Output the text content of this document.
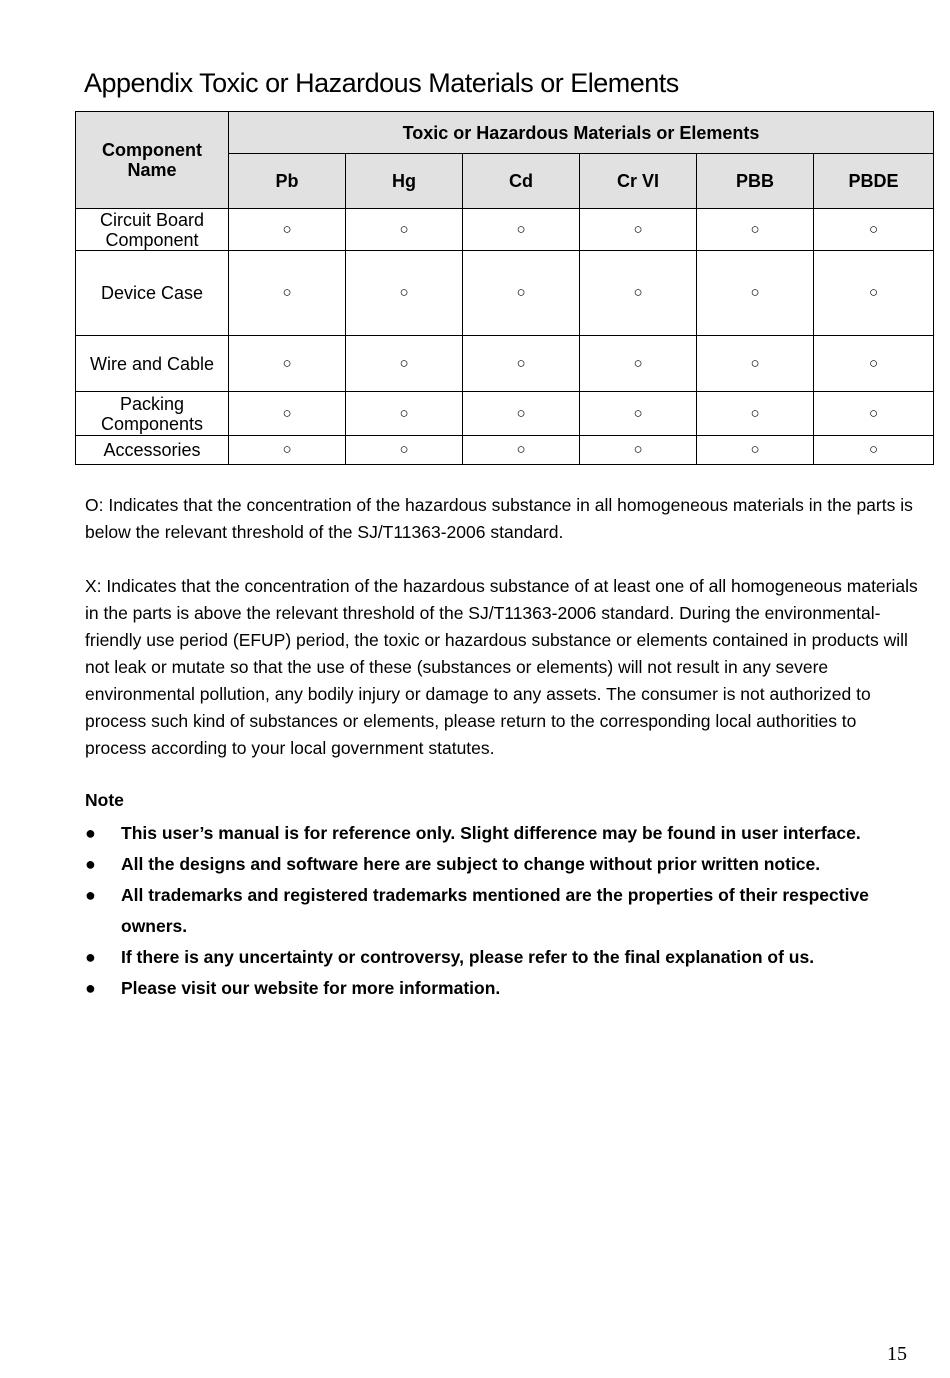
Appendix Toxic or Hazardous Materials or Elements
Component Name	Toxic or Hazardous Materials or Elements					
	Pb	Hg	Cd	Cr VI	PBB	PBDE
Circuit Board Component	○	○	○	○	○	○
Device Case	○	○	○	○	○	○
Wire and Cable	○	○	○	○	○	○
Packing Components	○	○	○	○	○	○
Accessories	○	○	○	○	○	○

O: Indicates that the concentration of the hazardous substance in all homogeneous materials in the parts is below the relevant threshold of the SJ/T11363-2006 standard.

X: Indicates that the concentration of the hazardous substance of at least one of all homogeneous materials in the parts is above the relevant threshold of the SJ/T11363-2006 standard. During the environmental-friendly use period (EFUP) period, the toxic or hazardous substance or elements contained in products will not leak or mutate so that the use of these (substances or elements) will not result in any severe environmental pollution, any bodily injury or damage to any assets. The consumer is not authorized to process such kind of substances or elements, please return to the corresponding local authorities to process according to your local government statutes.

Note

● This user’s manual is for reference only. Slight difference may be found in user interface.
● All the designs and software here are subject to change without prior written notice.
● All trademarks and registered trademarks mentioned are the properties of their respective owners.
● If there is any uncertainty or controversy, please refer to the final explanation of us.
● Please visit our website for more information.
15
